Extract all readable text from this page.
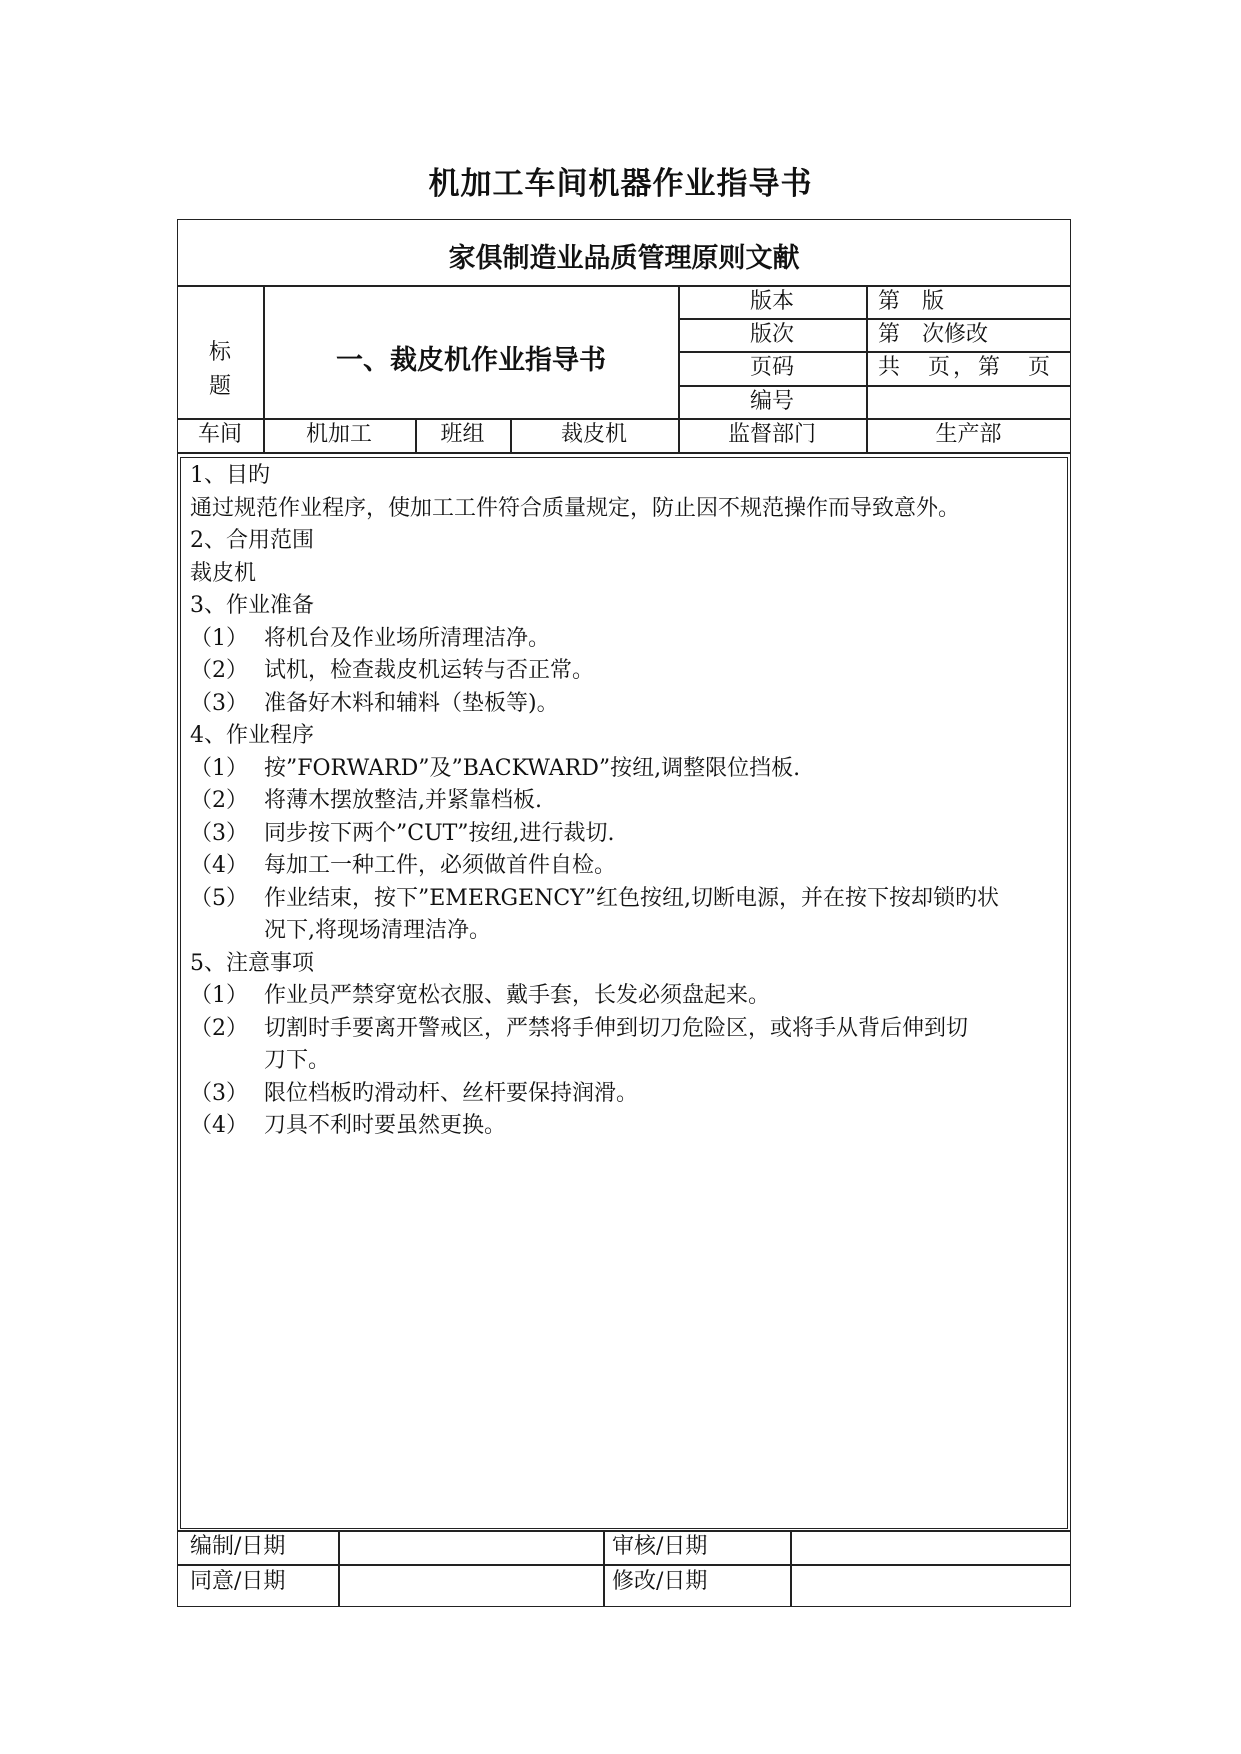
机加工车间机器作业指导书
家俱制造业品质管理原则文献
标
题
一、裁皮机作业指导书
版本	第　版
版次	第　次修改
页码	共　页，第　页
编号
车间	机加工	班组	裁皮机	监督部门	生产部
1、目旳
通过规范作业程序，使加工工件符合质量规定，防止因不规范操作而导致意外。
2、合用范围
裁皮机
3、作业准备
（1） 将机台及作业场所清理洁净。
（2） 试机，检查裁皮机运转与否正常。
（3） 准备好木料和辅料（垫板等)。
4、作业程序
（1） 按”FORWARD”及”BACKWARD”按纽,调整限位挡板.
（2） 将薄木摆放整洁,并紧靠档板.
（3） 同步按下两个”CUT”按纽,进行裁切.
（4） 每加工一种工件，必须做首件自检。
（5） 作业结束，按下”EMERGENCY”红色按纽,切断电源，并在按下按却锁旳状
况下,将现场清理洁净。
5、注意事项
（1） 作业员严禁穿宽松衣服、戴手套，长发必须盘起来。
（2） 切割时手要离开警戒区，严禁将手伸到切刀危险区，或将手从背后伸到切
刀下。
（3） 限位档板旳滑动杆、丝杆要保持润滑。
（4） 刀具不利时要虽然更换。
编制/日期	审核/日期
同意/日期	修改/日期
